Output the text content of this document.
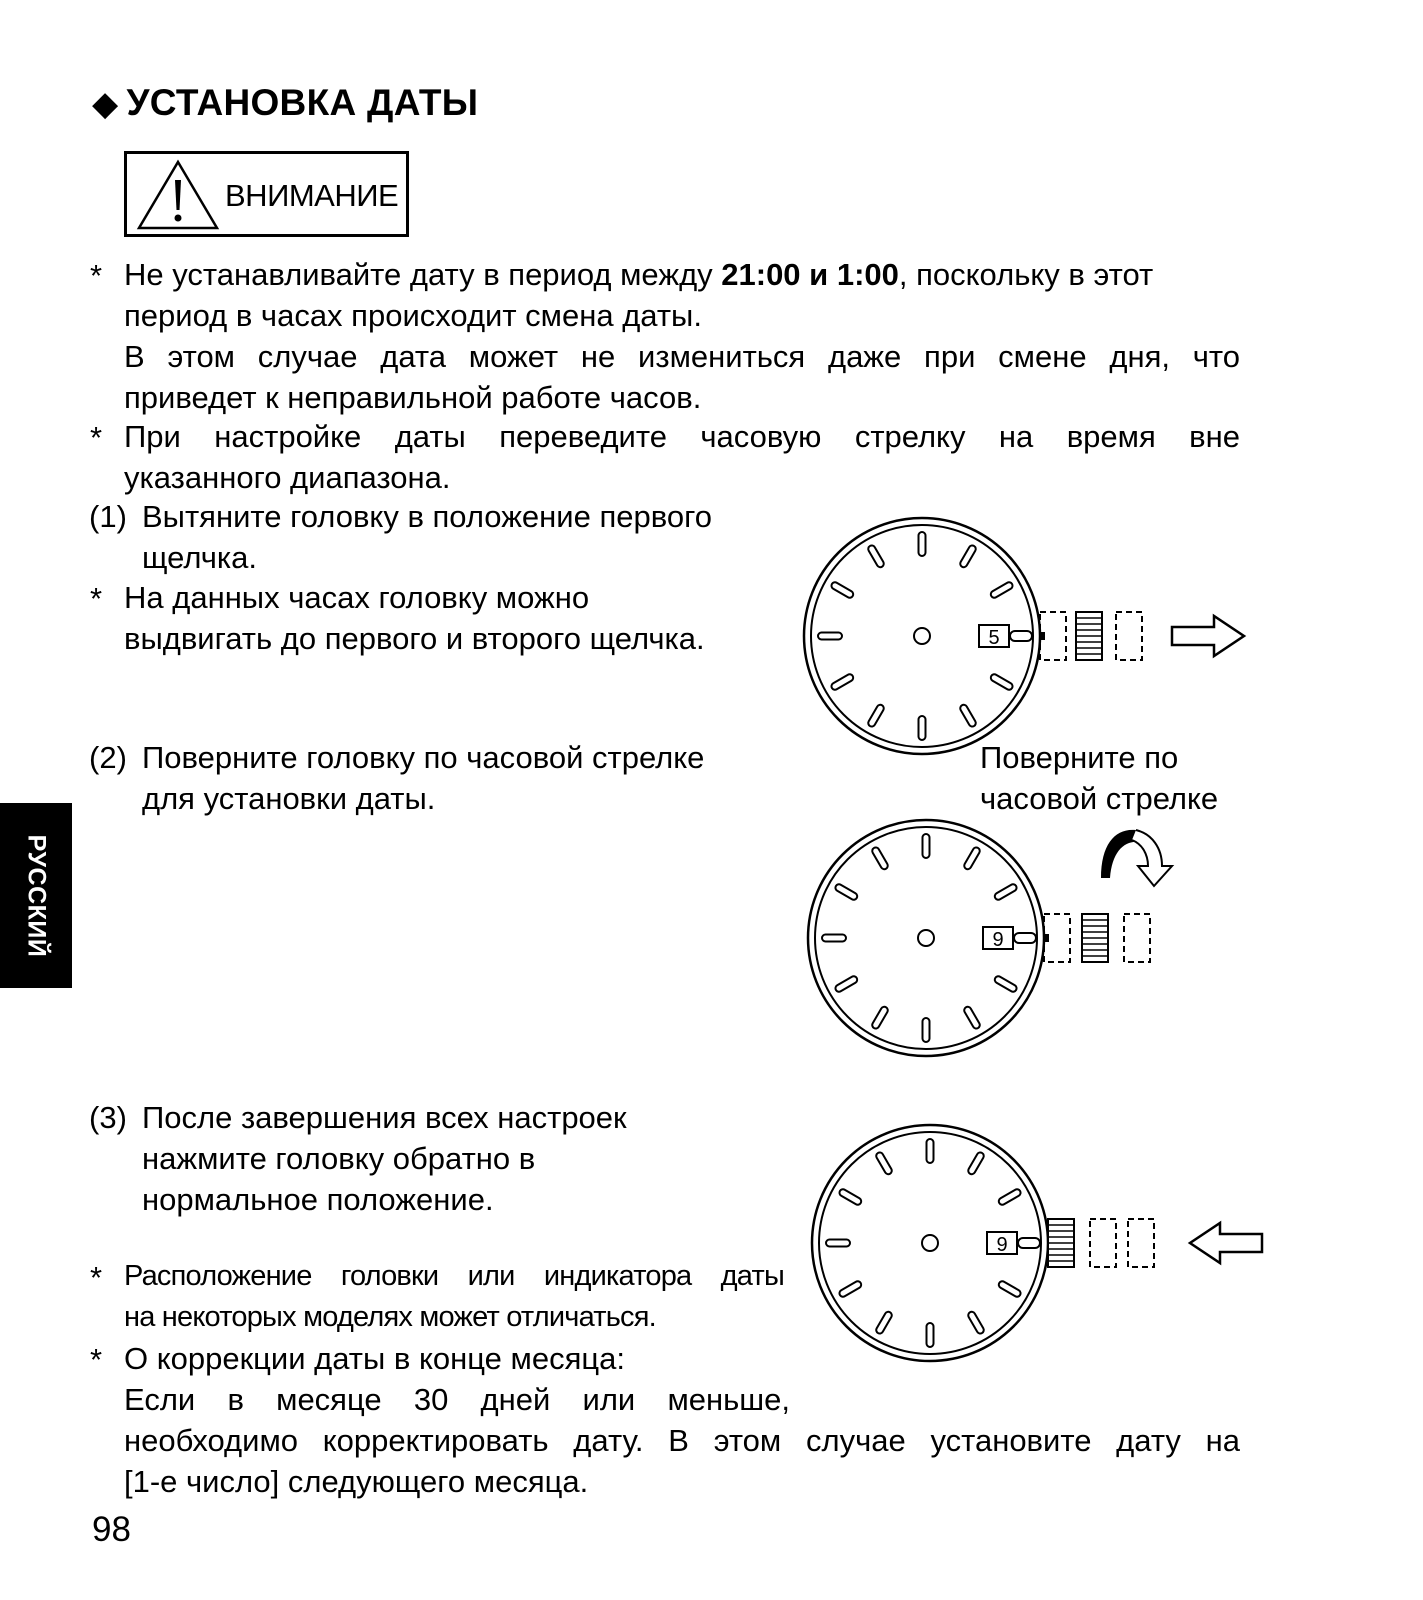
◆ УСТАНОВКА ДАТЫ
ВНИМАНИЕ
* Не устанавливайте дату в период между 21:00 и 1:00, поскольку в этот
период в часах происходит смена даты.
В этом случае дата может не измениться даже при смене дня, что
приведет к неправильной работе часов.
* При настройке даты переведите часовую стрелку на время вне
указанного диапазона.
(1) Вытяните головку в положение первого
щелчка.
* На данных часах головку можно
выдвигать до первого и второго щелчка.
(2) Поверните головку по часовой стрелке
для установки даты.
Поверните по
часовой стрелке
(3) После завершения всех настроек
нажмите головку обратно в
нормальное положение.
* Расположение головки или индикатора даты
на некоторых моделях может отличаться.
* О коррекции даты в конце месяца:
Если в месяце 30 дней или меньше,
необходимо корректировать дату. В этом случае установите дату на
[1-е число] следующего месяца.
РУССКИЙ
98
5
9
9
